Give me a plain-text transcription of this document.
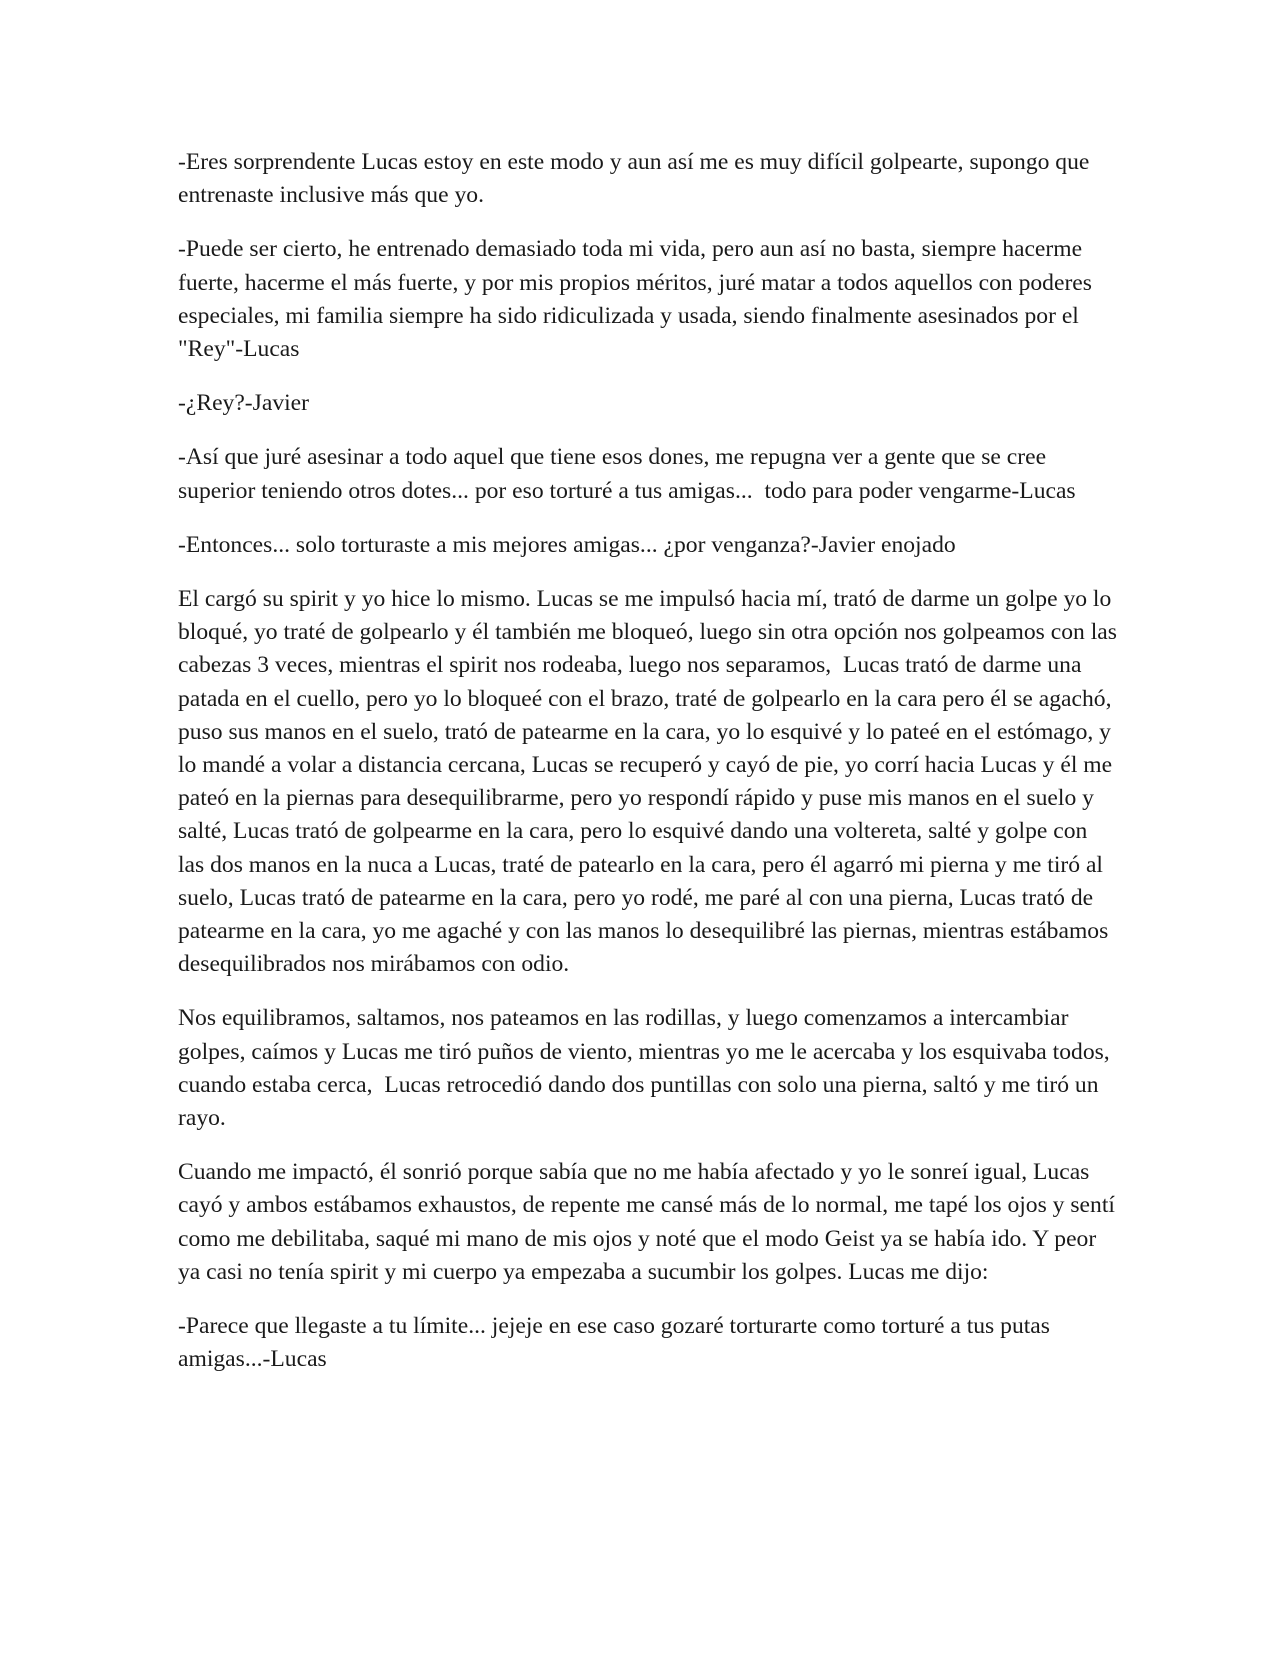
-Eres sorprendente Lucas estoy en este modo y aun así me es muy difícil golpearte, supongo que entrenaste inclusive más que yo.

-Puede ser cierto, he entrenado demasiado toda mi vida, pero aun así no basta, siempre hacerme fuerte, hacerme el más fuerte, y por mis propios méritos, juré matar a todos aquellos con poderes especiales, mi familia siempre ha sido ridiculizada y usada, siendo finalmente asesinados por el "Rey"-Lucas

-¿Rey?-Javier

-Así que juré asesinar a todo aquel que tiene esos dones, me repugna ver a gente que se cree superior teniendo otros dotes... por eso torturé a tus amigas...  todo para poder vengarme-Lucas

-Entonces... solo torturaste a mis mejores amigas... ¿por venganza?-Javier enojado

El cargó su spirit y yo hice lo mismo. Lucas se me impulsó hacia mí, trató de darme un golpe yo lo bloqué, yo traté de golpearlo y él también me bloqueó, luego sin otra opción nos golpeamos con las cabezas 3 veces, mientras el spirit nos rodeaba, luego nos separamos,  Lucas trató de darme una patada en el cuello, pero yo lo bloqueé con el brazo, traté de golpearlo en la cara pero él se agachó, puso sus manos en el suelo, trató de patearme en la cara, yo lo esquivé y lo pateé en el estómago, y lo mandé a volar a distancia cercana, Lucas se recuperó y cayó de pie, yo corrí hacia Lucas y él me pateó en la piernas para desequilibrarme, pero yo respondí rápido y puse mis manos en el suelo y salté, Lucas trató de golpearme en la cara, pero lo esquivé dando una voltereta, salté y golpe con las dos manos en la nuca a Lucas, traté de patearlo en la cara, pero él agarró mi pierna y me tiró al suelo, Lucas trató de patearme en la cara, pero yo rodé, me paré al con una pierna, Lucas trató de patearme en la cara, yo me agaché y con las manos lo desequilibré las piernas, mientras estábamos desequilibrados nos mirábamos con odio.

Nos equilibramos, saltamos, nos pateamos en las rodillas, y luego comenzamos a intercambiar golpes, caímos y Lucas me tiró puños de viento, mientras yo me le acercaba y los esquivaba todos, cuando estaba cerca,  Lucas retrocedió dando dos puntillas con solo una pierna, saltó y me tiró un rayo.

Cuando me impactó, él sonrió porque sabía que no me había afectado y yo le sonreí igual, Lucas cayó y ambos estábamos exhaustos, de repente me cansé más de lo normal, me tapé los ojos y sentí como me debilitaba, saqué mi mano de mis ojos y noté que el modo Geist ya se había ido. Y peor ya casi no tenía spirit y mi cuerpo ya empezaba a sucumbir los golpes. Lucas me dijo:

-Parece que llegaste a tu límite... jejeje en ese caso gozaré torturarte como torturé a tus putas amigas...-Lucas
